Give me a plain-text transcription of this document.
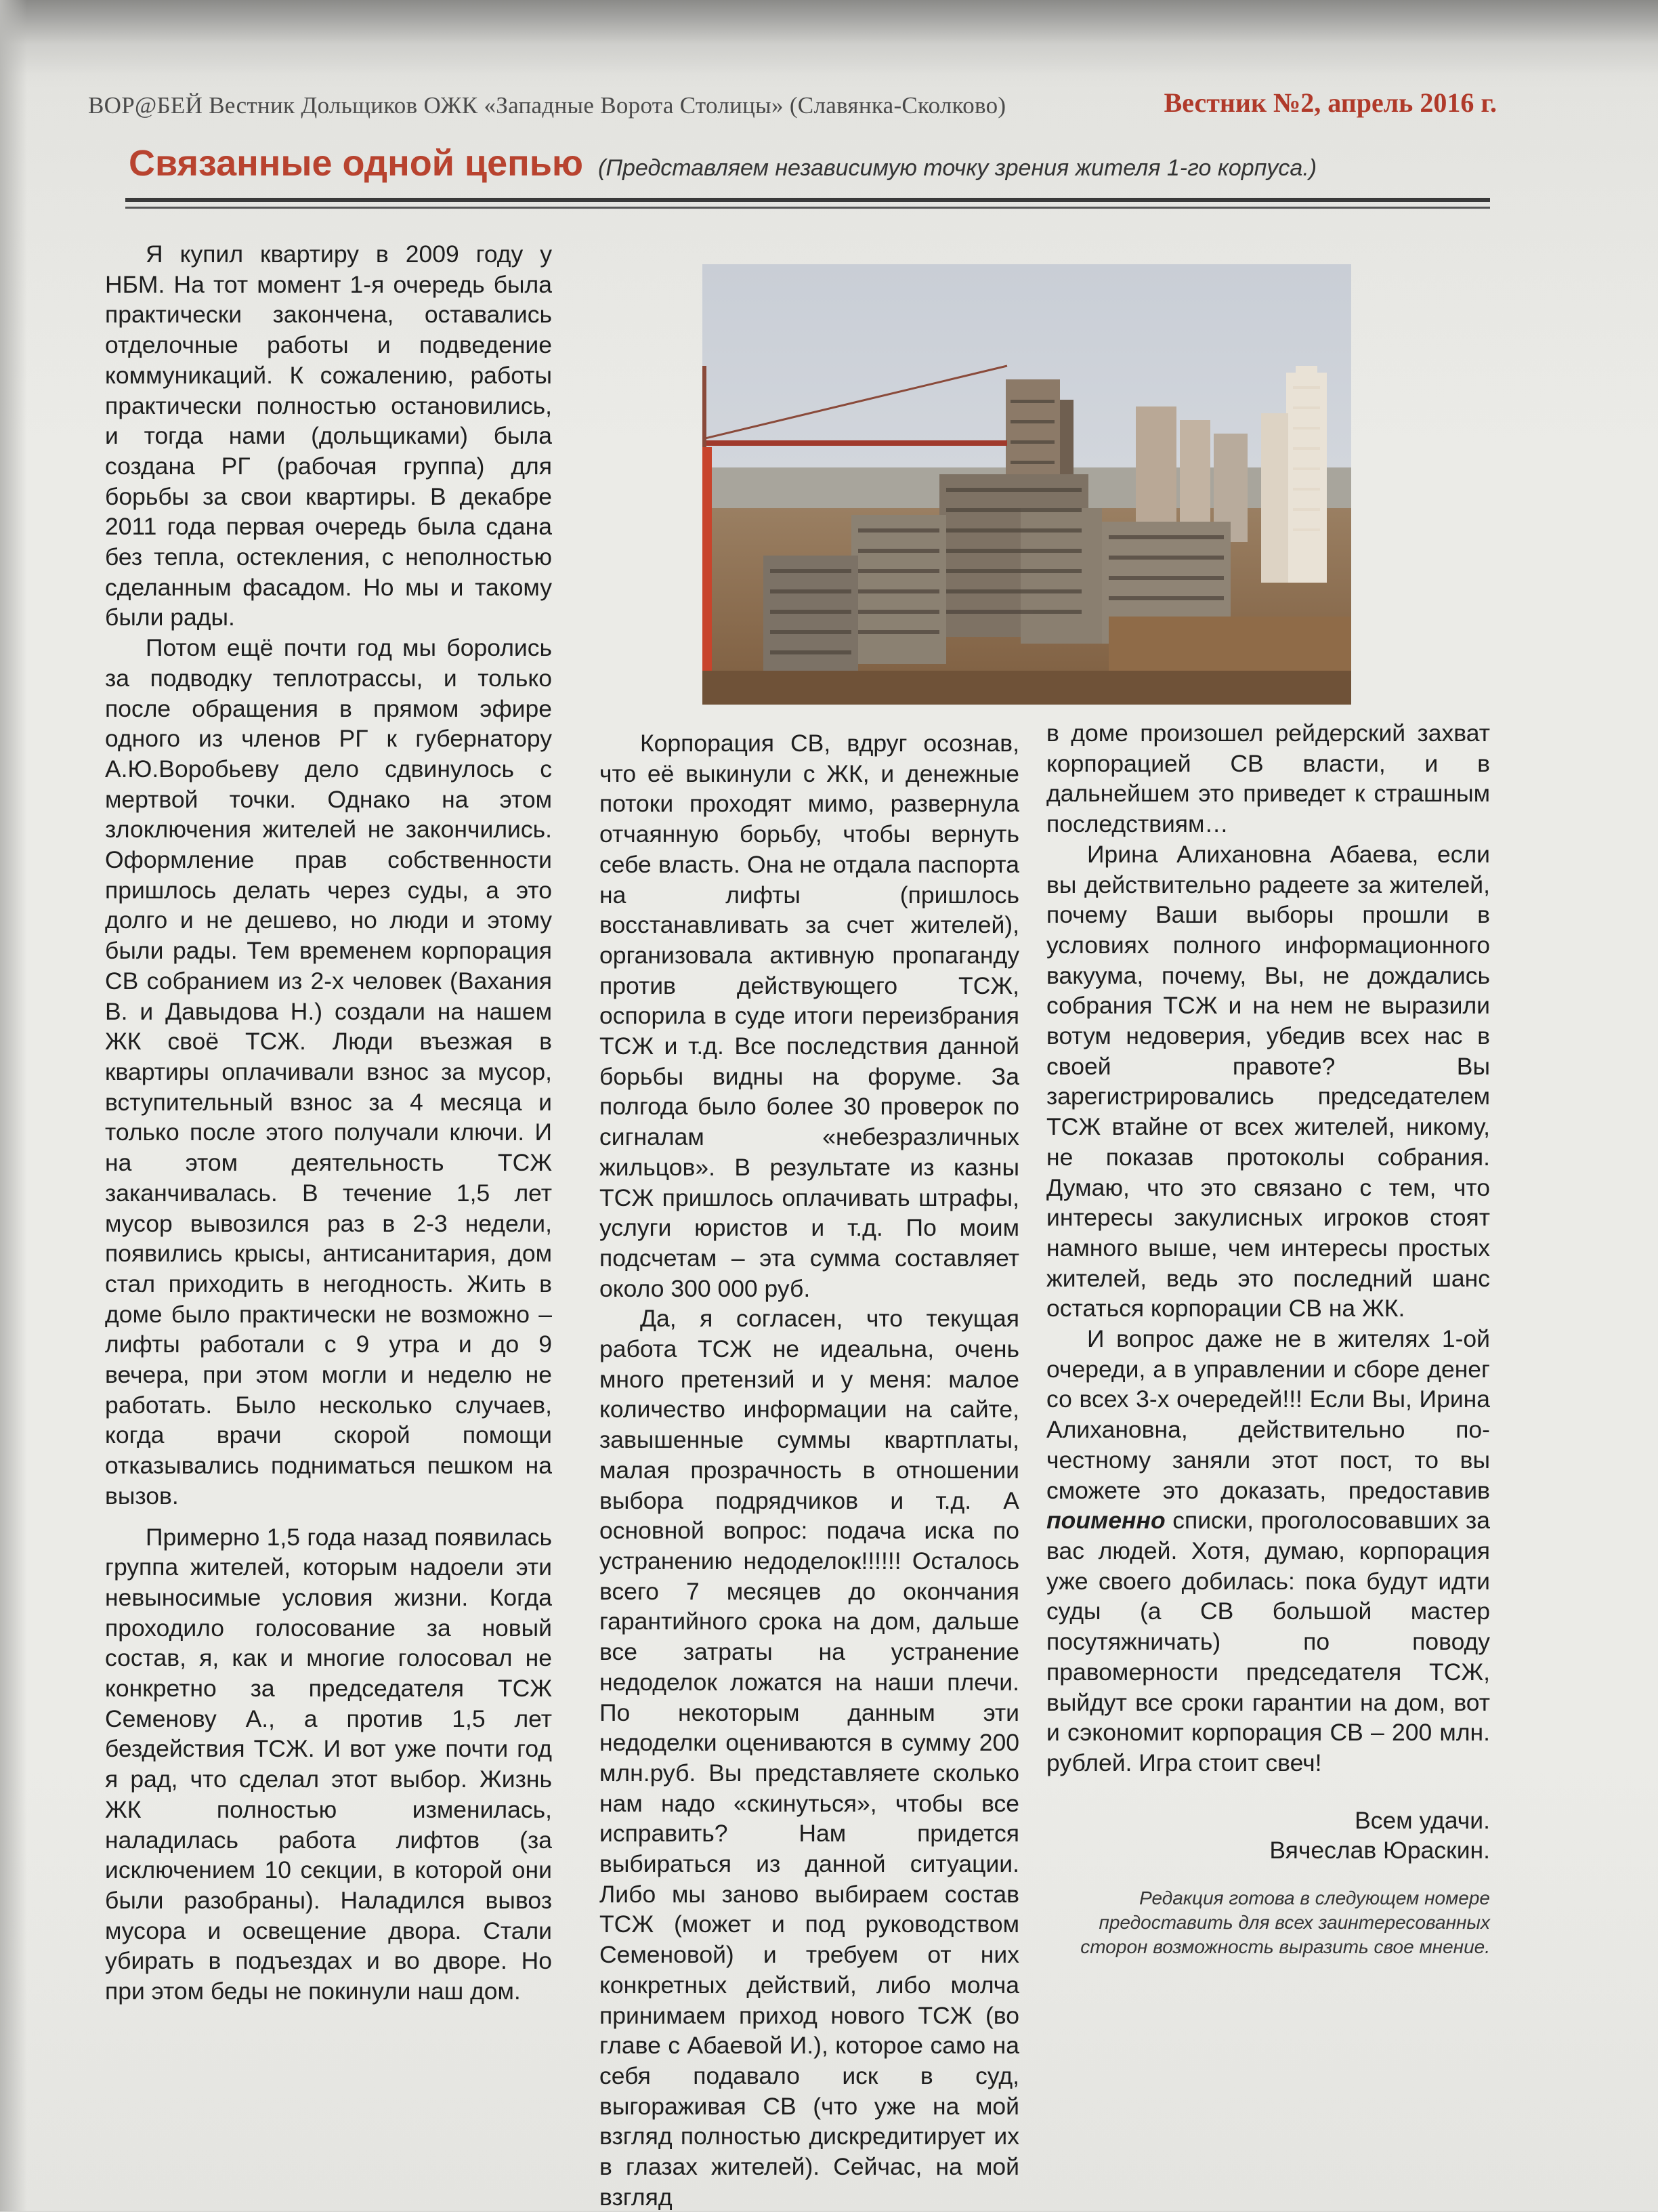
ВОР@БЕЙ Вестник Дольщиков ОЖК «Западные Ворота Столицы» (Славянка-Сколково)	Вестник №2, апрель 2016 г.
Связанные одной цепью (Представляем независимую точку зрения жителя 1-го корпуса.)

Я купил квартиру в 2009 году у НБМ. На тот момент 1-я очередь была практически закончена, оставались отделочные работы и подведение коммуникаций. К сожалению, работы практически полностью остановились, и тогда нами (дольщиками) была создана РГ (рабочая группа) для борьбы за свои квартиры. В декабре 2011 года первая очередь была сдана без тепла, остекления, с неполностью сделанным фасадом. Но мы и такому были рады.

Потом ещё почти год мы боролись за подводку теплотрассы, и только после обращения в прямом эфире одного из членов РГ к губернатору А.Ю.Воробьеву дело сдвинулось с мертвой точки. Однако на этом злоключения жителей не закончились. Оформление прав собственности пришлось делать через суды, а это долго и не дешево, но люди и этому были рады. Тем временем корпорация СВ собранием из 2-х человек (Вахания В. и Давыдова Н.) создали на нашем ЖК своё ТСЖ. Люди въезжая в квартиры оплачивали взнос за мусор, вступительный взнос за 4 месяца и только после этого получали ключи. И на этом деятельность ТСЖ заканчивалась. В течение 1,5 лет мусор вывозился раз в 2-3 недели, появились крысы, антисанитария, дом стал приходить в негодность. Жить в доме было практически не возможно – лифты работали с 9 утра и до 9 вечера, при этом могли и неделю не работать. Было несколько случаев, когда врачи скорой помощи отказывались подниматься пешком на вызов.

Примерно 1,5 года назад появилась группа жителей, которым надоели эти невыносимые условия жизни. Когда проходило голосование за новый состав, я, как и многие голосовал не конкретно за председателя ТСЖ Семенову А., а против 1,5 лет бездействия ТСЖ. И вот уже почти год я рад, что сделал этот выбор. Жизнь ЖК полностью изменилась, наладилась работа лифтов (за исключением 10 секции, в которой они были разобраны). Наладился вывоз мусора и освещение двора. Стали убирать в подъездах и во дворе. Но при этом беды не покинули наш дом.

Корпорация СВ, вдруг осознав, что её выкинули с ЖК, и денежные потоки проходят мимо, развернула отчаянную борьбу, чтобы вернуть себе власть. Она не отдала паспорта на лифты (пришлось восстанавливать за счет жителей), организовала активную пропаганду против действующего ТСЖ, оспорила в суде итоги переизбрания ТСЖ и т.д. Все последствия данной борьбы видны на форуме. За полгода было более 30 проверок по сигналам «небезразличных жильцов». В результате из казны ТСЖ пришлось оплачивать штрафы, услуги юристов и т.д. По моим подсчетам – эта сумма составляет около 300 000 руб.

Да, я согласен, что текущая работа ТСЖ не идеальна, очень много претензий и у меня: малое количество информации на сайте, завышенные суммы квартплаты, малая прозрачность в отношении выбора подрядчиков и т.д. А основной вопрос: подача иска по устранению недоделок!!!!!! Осталось всего 7 месяцев до окончания гарантийного срока на дом, дальше все затраты на устранение недоделок ложатся на наши плечи. По некоторым данным эти недоделки оцениваются в сумму 200 млн.руб. Вы представляете сколько нам надо «скинуться», чтобы все исправить? Нам придется выбираться из данной ситуации. Либо мы заново выбираем состав ТСЖ (может и под руководством Семеновой) и требуем от них конкретных действий, либо молча принимаем приход нового ТСЖ (во главе с Абаевой И.), которое само на себя подавало иск в суд, выгораживая СВ (что уже на мой взгляд полностью дискредитирует их в глазах жителей). Сейчас, на мой взгляд

в доме произошел рейдерский захват корпорацией СВ власти, и в дальнейшем это приведет к страшным последствиям…

Ирина Алихановна Абаева, если вы действительно радеете за жителей, почему Ваши выборы прошли в условиях полного информационного вакуума, почему, Вы, не дождались собрания ТСЖ и на нем не выразили вотум недоверия, убедив всех нас в своей правоте? Вы зарегистрировались председателем ТСЖ втайне от всех жителей, никому, не показав протоколы собрания. Думаю, что это связано с тем, что интересы закулисных игроков стоят намного выше, чем интересы простых жителей, ведь это последний шанс остаться корпорации СВ на ЖК.

И вопрос даже не в жителях 1-ой очереди, а в управлении и сборе денег со всех 3-х очередей!!! Если Вы, Ирина Алихановна, действительно по-честному заняли этот пост, то вы сможете это доказать, предоставив поименно списки, проголосовавших за вас людей. Хотя, думаю, корпорация уже своего добилась: пока будут идти суды (а СВ большой мастер посутяжничать) по поводу правомерности председателя ТСЖ, выйдут все сроки гарантии на дом, вот и сэкономит корпорация СВ – 200 млн. рублей. Игра стоит свеч!

Всем удачи.
Вячеслав Юраскин.
Редакция готова в следующем номере предоставить для всех заинтересованных сторон возможность выразить свое мнение.
